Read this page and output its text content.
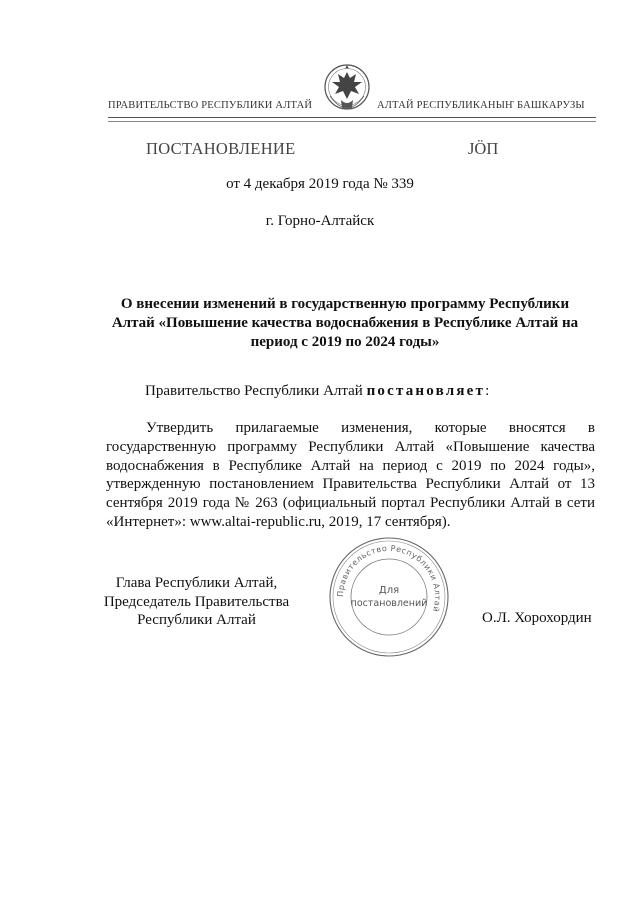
ПРАВИТЕЛЬСТВО РЕСПУБЛИКИ АЛТАЙ	АЛТАЙ РЕСПУБЛИКАНЫҤ БАШКАРУЗЫ
ПОСТАНОВЛЕНИЕ	JÖП
от 4 декабря 2019 года № 339
г. Горно-Алтайск
О внесении изменений в государственную программу Республики Алтай «Повышение качества водоснабжения в Республике Алтай на период с 2019 по 2024 годы»
Правительство Республики Алтай постановляет:
Утвердить прилагаемые изменения, которые вносятся в государственную программу Республики Алтай «Повышение качества водоснабжения в Республике Алтай на период с 2019 по 2024 годы», утвержденную постановлением Правительства Республики Алтай от 13 сентября 2019 года № 263 (официальный портал Республики Алтай в сети «Интернет»: www.altai-republic.ru, 2019, 17 сентября).
Глава Республики Алтай,
Председатель Правительства
Республики Алтай	О.Л. Хорохордин
Правительство Республики Алтай
Для
постановлений
